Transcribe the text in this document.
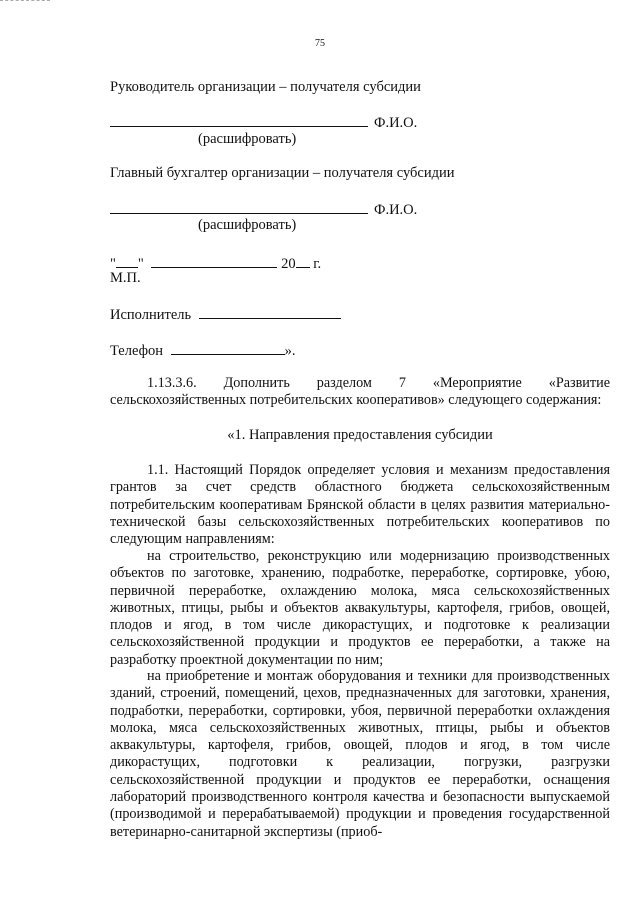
75
Руководитель организации – получателя субсидии
Ф.И.О.
(расшифровать)
Главный бухгалтер организации – получателя субсидии
Ф.И.О.
(расшифровать)
" "	20 г.
М.П.
Исполнитель
Телефон	».
1.13.3.6. Дополнить разделом 7 «Мероприятие «Развитие сельскохозяйственных потребительских кооперативов» следующего содержания:
«1. Направления предоставления субсидии
1.1. Настоящий Порядок определяет условия и механизм предоставления грантов за счет средств областного бюджета сельскохозяйственным потребительским кооперативам Брянской области в целях развития материально-технической базы сельскохозяйственных потребительских кооперативов по следующим направлениям:
на строительство, реконструкцию или модернизацию производственных объектов по заготовке, хранению, подработке, переработке, сортировке, убою, первичной переработке, охлаждению молока, мяса сельскохозяйственных животных, птицы, рыбы и объектов аквакультуры, картофеля, грибов, овощей, плодов и ягод, в том числе дикорастущих, и подготовке к реализации сельскохозяйственной продукции и продуктов ее переработки, а также на разработку проектной документации по ним;
на приобретение и монтаж оборудования и техники для производственных зданий, строений, помещений, цехов, предназначенных для заготовки, хранения, подработки, переработки, сортировки, убоя, первичной переработки охлаждения молока, мяса сельскохозяйственных животных, птицы, рыбы и объектов аквакультуры, картофеля, грибов, овощей, плодов и ягод, в том числе дикорастущих, подготовки к реализации, погрузки, разгрузки сельскохозяйственной продукции и продуктов ее переработки, оснащения лабораторий производственного контроля качества и безопасности выпускаемой (производимой и перерабатываемой) продукции и проведения государственной ветеринарно-санитарной экспертизы (приоб-
